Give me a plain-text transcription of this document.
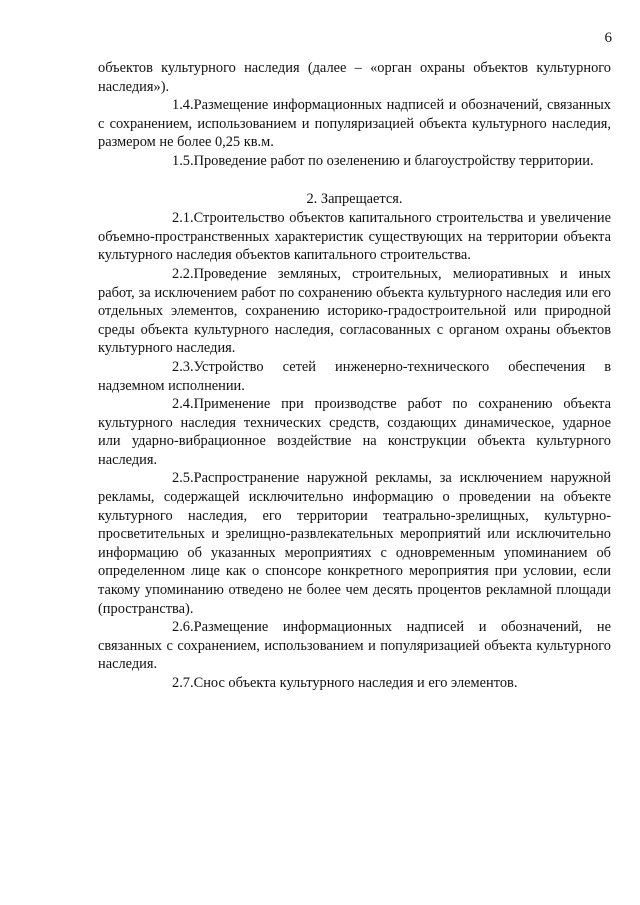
6

объектов культурного наследия (далее – «орган охраны объектов культурного наследия»).

1.4.Размещение информационных надписей и обозначений, связанных с сохранением, использованием и популяризацией объекта культурного наследия, размером не более 0,25 кв.м.

1.5.Проведение работ по озеленению и благоустройству территории.

2. Запрещается.

2.1.Строительство объектов капитального строительства и увеличение объемно-пространственных характеристик существующих на территории объекта культурного наследия объектов капитального строительства.

2.2.Проведение земляных, строительных, мелиоративных и иных работ, за исключением работ по сохранению объекта культурного наследия или его отдельных элементов, сохранению историко-градостроительной или природной среды объекта культурного наследия, согласованных с органом охраны объектов культурного наследия.

2.3.Устройство сетей инженерно-технического обеспечения в надземном исполнении.

2.4.Применение при производстве работ по сохранению объекта культурного наследия технических средств, создающих динамическое, ударное или ударно-вибрационное воздействие на конструкции объекта культурного наследия.

2.5.Распространение наружной рекламы, за исключением наружной рекламы, содержащей исключительно информацию о проведении на объекте культурного наследия, его территории театрально-зрелищных, культурно-просветительных и зрелищно-развлекательных мероприятий или исключительно информацию об указанных мероприятиях с одновременным упоминанием об определенном лице как о спонсоре конкретного мероприятия при условии, если такому упоминанию отведено не более чем десять процентов рекламной площади (пространства).

2.6.Размещение информационных надписей и обозначений, не связанных с сохранением, использованием и популяризацией объекта культурного наследия.

2.7.Снос объекта культурного наследия и его элементов.
